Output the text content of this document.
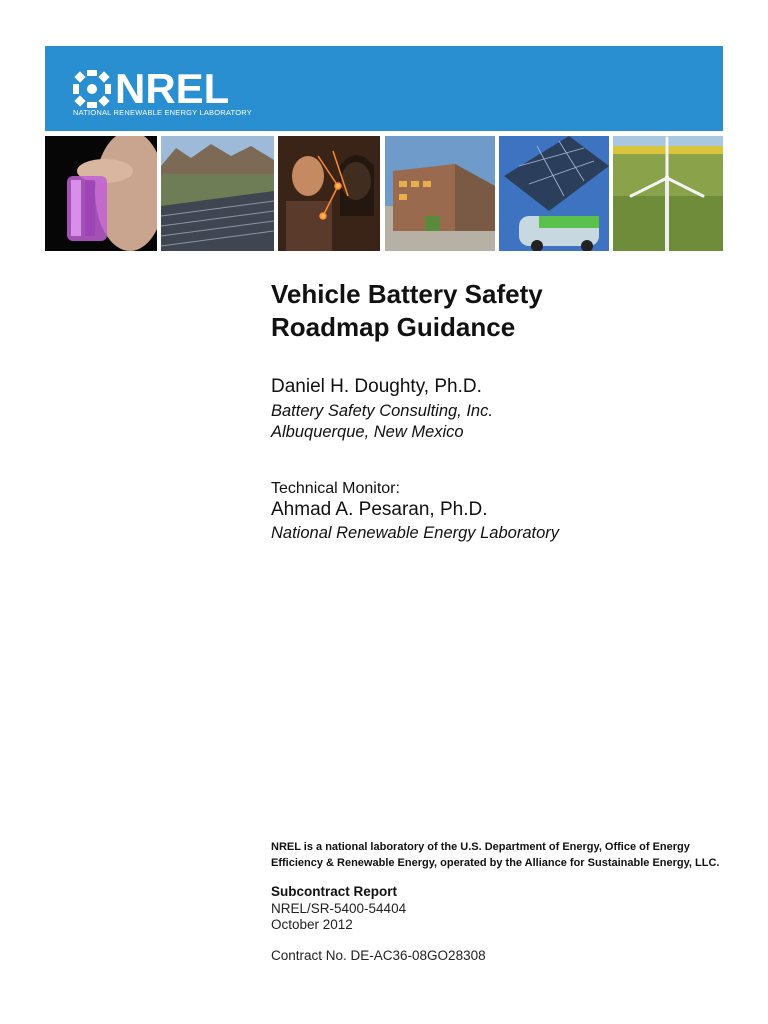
NREL
NATIONAL RENEWABLE ENERGY LABORATORY
Vehicle Battery Safety
Roadmap Guidance
Daniel H. Doughty, Ph.D.
Battery Safety Consulting, Inc.
Albuquerque, New Mexico
Technical Monitor:
Ahmad A. Pesaran, Ph.D.
National Renewable Energy Laboratory
NREL is a national laboratory of the U.S. Department of Energy, Office of Energy
Efficiency & Renewable Energy, operated by the Alliance for Sustainable Energy, LLC.
Subcontract Report
NREL/SR-5400-54404
October 2012
Contract No. DE-AC36-08GO28308
